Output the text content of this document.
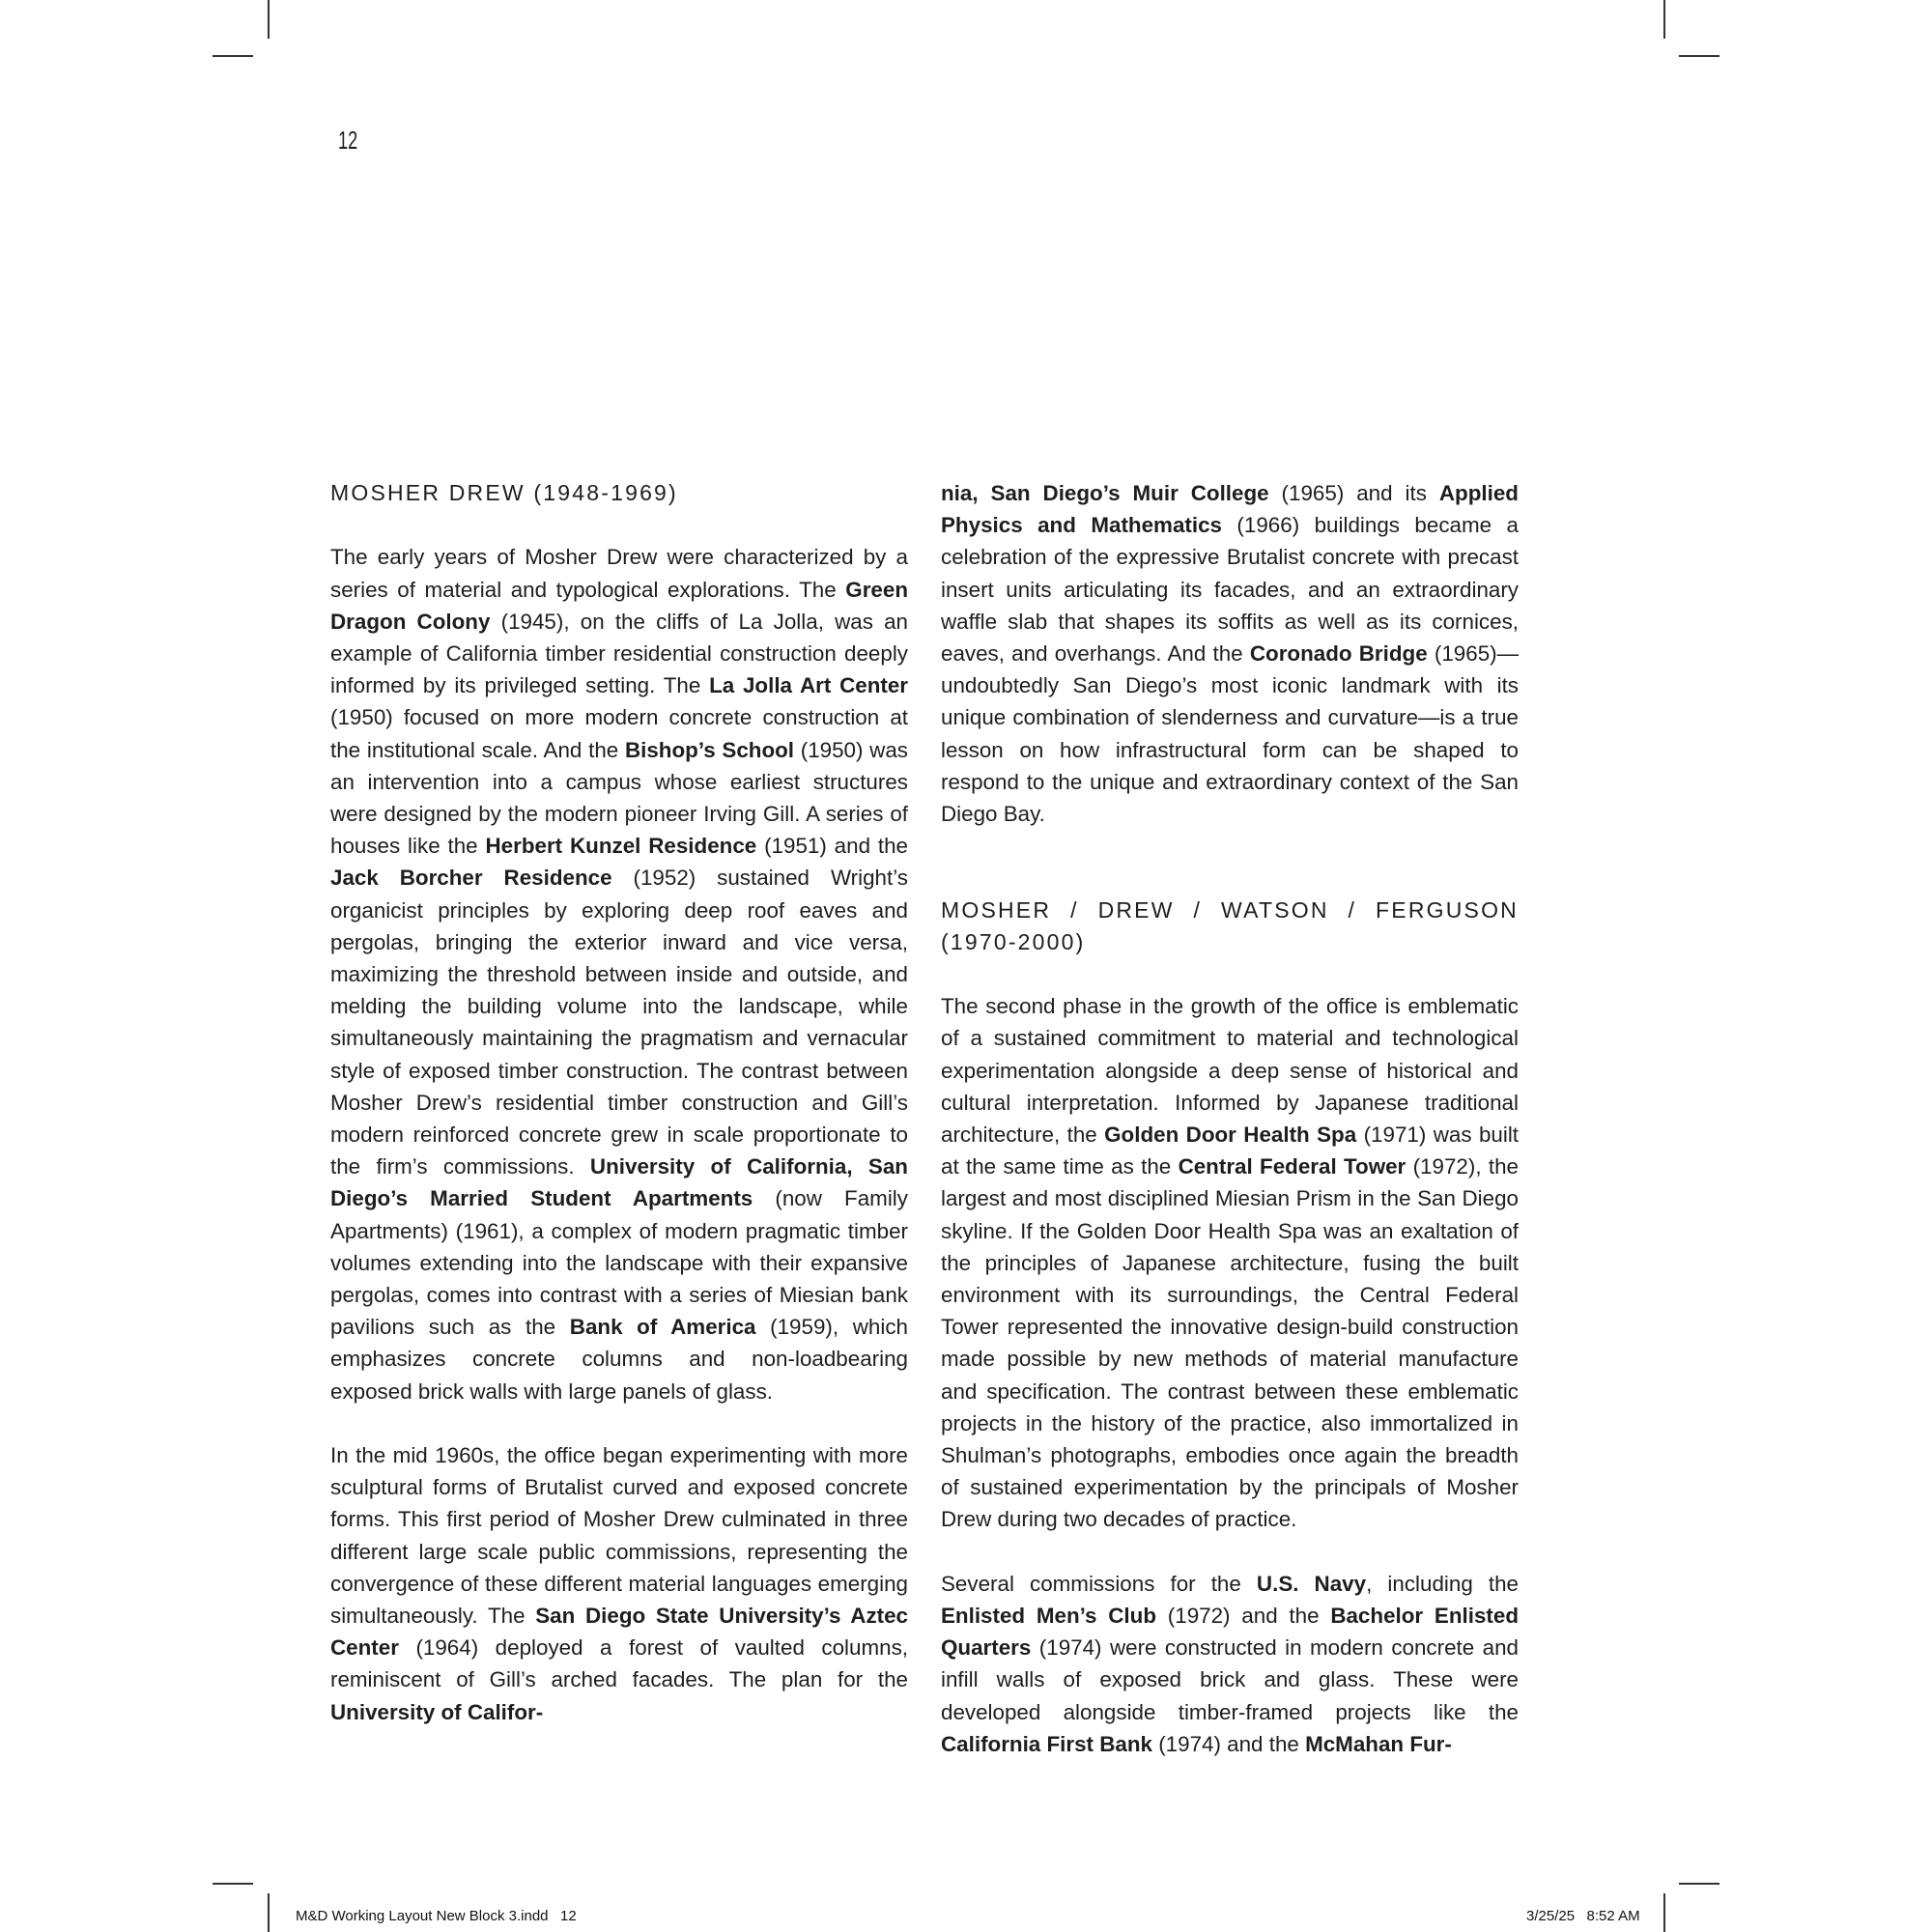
12
MOSHER DREW (1948-1969)

The early years of Mosher Drew were characterized by a series of material and typological explorations. The Green Dragon Colony (1945), on the cliffs of La Jolla, was an example of California timber residential construction deeply informed by its privileged setting. The La Jolla Art Center (1950) focused on more modern concrete construction at the institutional scale. And the Bishop’s School (1950) was an intervention into a campus whose earliest structures were designed by the modern pioneer Irving Gill. A series of houses like the Herbert Kunzel Residence (1951) and the Jack Borcher Residence (1952) sustained Wright’s organicist principles by exploring deep roof eaves and pergolas, bringing the exterior inward and vice versa, maximizing the threshold between inside and outside, and melding the building volume into the landscape, while simultaneously maintaining the pragmatism and vernacular style of exposed timber construction. The contrast between Mosher Drew’s residential timber construction and Gill’s modern reinforced concrete grew in scale proportionate to the firm’s commissions. University of California, San Diego’s Married Student Apartments (now Family Apartments) (1961), a complex of modern pragmatic timber volumes extending into the landscape with their expansive pergolas, comes into contrast with a series of Miesian bank pavilions such as the Bank of America (1959), which emphasizes concrete columns and non-loadbearing exposed brick walls with large panels of glass.

In the mid 1960s, the office began experimenting with more sculptural forms of Brutalist curved and exposed concrete forms. This first period of Mosher Drew culminated in three different large scale public commissions, representing the convergence of these different material languages emerging simultaneously. The San Diego State University’s Aztec Center (1964) deployed a forest of vaulted columns, reminiscent of Gill’s arched facades. The plan for the University of Califor-

nia, San Diego’s Muir College (1965) and its Applied Physics and Mathematics (1966) buildings became a celebration of the expressive Brutalist concrete with precast insert units articulating its facades, and an extraordinary waffle slab that shapes its soffits as well as its cornices, eaves, and overhangs. And the Coronado Bridge (1965)—undoubtedly San Diego’s most iconic landmark with its unique combination of slenderness and curvature—is a true lesson on how infrastructural form can be shaped to respond to the unique and extraordinary context of the San Diego Bay.

MOSHER / DREW / WATSON / FERGUSON (1970-2000)

The second phase in the growth of the office is emblematic of a sustained commitment to material and technological experimentation alongside a deep sense of historical and cultural interpretation. Informed by Japanese traditional architecture, the Golden Door Health Spa (1971) was built at the same time as the Central Federal Tower (1972), the largest and most disciplined Miesian Prism in the San Diego skyline. If the Golden Door Health Spa was an exaltation of the principles of Japanese architecture, fusing the built environment with its surroundings, the Central Federal Tower represented the innovative design-build construction made possible by new methods of material manufacture and specification. The contrast between these emblematic projects in the history of the practice, also immortalized in Shulman’s photographs, embodies once again the breadth of sustained experimentation by the principals of Mosher Drew during two decades of practice.

Several commissions for the U.S. Navy, including the Enlisted Men’s Club (1972) and the Bachelor Enlisted Quarters (1974) were constructed in modern concrete and infill walls of exposed brick and glass. These were developed alongside timber-framed projects like the California First Bank (1974) and the McMahan Fur-

M&D Working Layout New Block 3.indd   12	3/25/25   8:52 AM
